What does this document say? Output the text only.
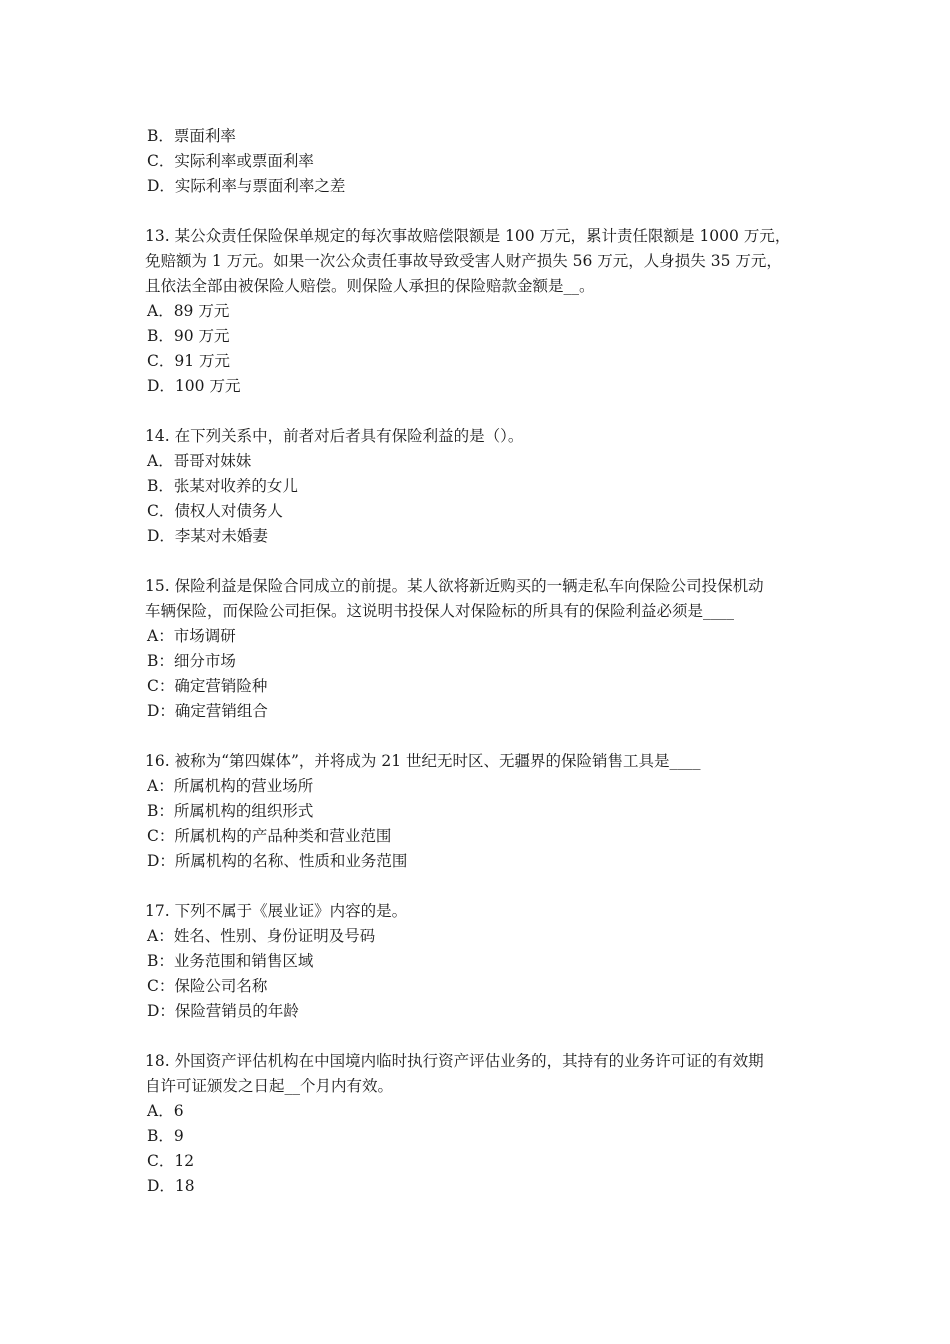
B．票面利率
C．实际利率或票面利率
D．实际利率与票面利率之差
13. 某公众责任保险保单规定的每次事故赔偿限额是 100 万元，累计责任限额是 1000 万元，
免赔额为 1 万元。如果一次公众责任事故导致受害人财产损失 56 万元，人身损失 35 万元，
且依法全部由被保险人赔偿。则保险人承担的保险赔款金额是__。
A．89 万元
B．90 万元
C．91 万元
D．100 万元
14. 在下列关系中，前者对后者具有保险利益的是（）。
A．哥哥对妹妹
B．张某对收养的女儿
C．债权人对债务人
D．李某对未婚妻
15. 保险利益是保险合同成立的前提。某人欲将新近购买的一辆走私车向保险公司投保机动
车辆保险，而保险公司拒保。这说明书投保人对保险标的所具有的保险利益必须是____
A：市场调研
B：细分市场
C：确定营销险种
D：确定营销组合
16. 被称为“第四媒体”，并将成为 21 世纪无时区、无疆界的保险销售工具是____
A：所属机构的营业场所
B：所属机构的组织形式
C：所属机构的产品种类和营业范围
D：所属机构的名称、性质和业务范围
17. 下列不属于《展业证》内容的是。
A：姓名、性别、身份证明及号码
B：业务范围和销售区域
C：保险公司名称
D：保险营销员的年龄
18. 外国资产评估机构在中国境内临时执行资产评估业务的，其持有的业务许可证的有效期
自许可证颁发之日起__个月内有效。
A．6
B．9
C．12
D．18
